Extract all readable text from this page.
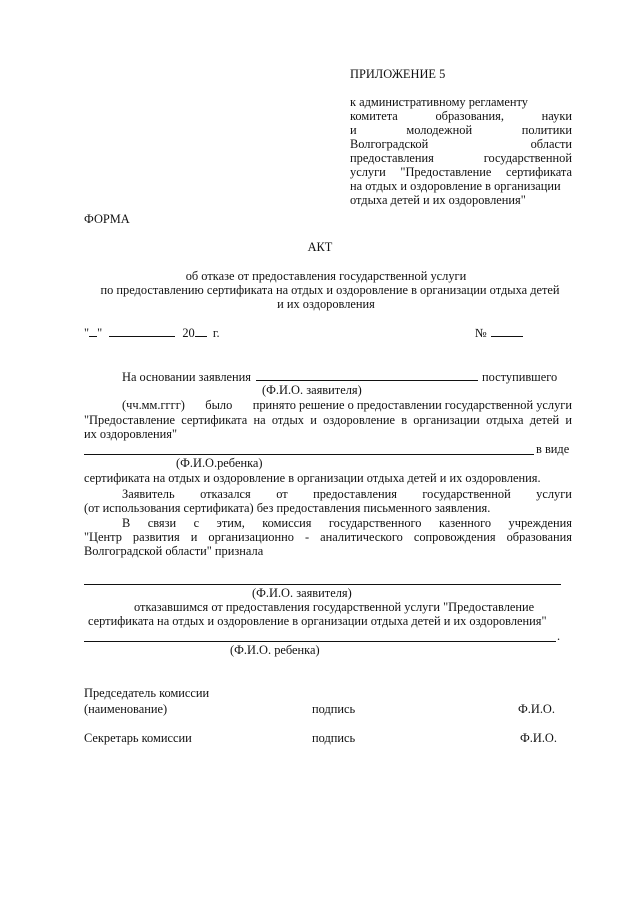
ПРИЛОЖЕНИЕ 5
к административному регламенту
комитета	образования,	науки
и	молодежной	политики
Волгоградской	области
предоставления	государственной
услуги "Предоставление сертификата
на отдых и оздоровление в организации
отдыха детей и их оздоровления"
ФОРМА
АКТ
об отказе от предоставления государственной услуги
по предоставлению сертификата на отдых и оздоровление в организации отдыха детей
и их оздоровления
" "	20 г.	№
На основании заявления	поступившего
(Ф.И.О. заявителя)
(чч.мм.гггг) было принято решение о предоставлении государственной услуги
"Предоставление сертификата на отдых и оздоровление в организации отдыха детей и
их оздоровления"
в виде
(Ф.И.О.ребенка)
сертификата на отдых и оздоровление в организации отдыха детей и их оздоровления.
Заявитель отказался от предоставления государственной услуги
(от использования сертификата) без предоставления письменного заявления.
В связи с этим, комиссия государственного казенного учреждения
"Центр развития и организационно - аналитического сопровождения образования
Волгоградской области" признала
(Ф.И.О. заявителя)
отказавшимся от предоставления государственной услуги "Предоставление
сертификата на отдых и оздоровление в организации отдыха детей и их оздоровления"
.
(Ф.И.О. ребенка)
Председатель комиссии
(наименование)	подпись	Ф.И.О.
Секретарь комиссии	подпись	Ф.И.О.
